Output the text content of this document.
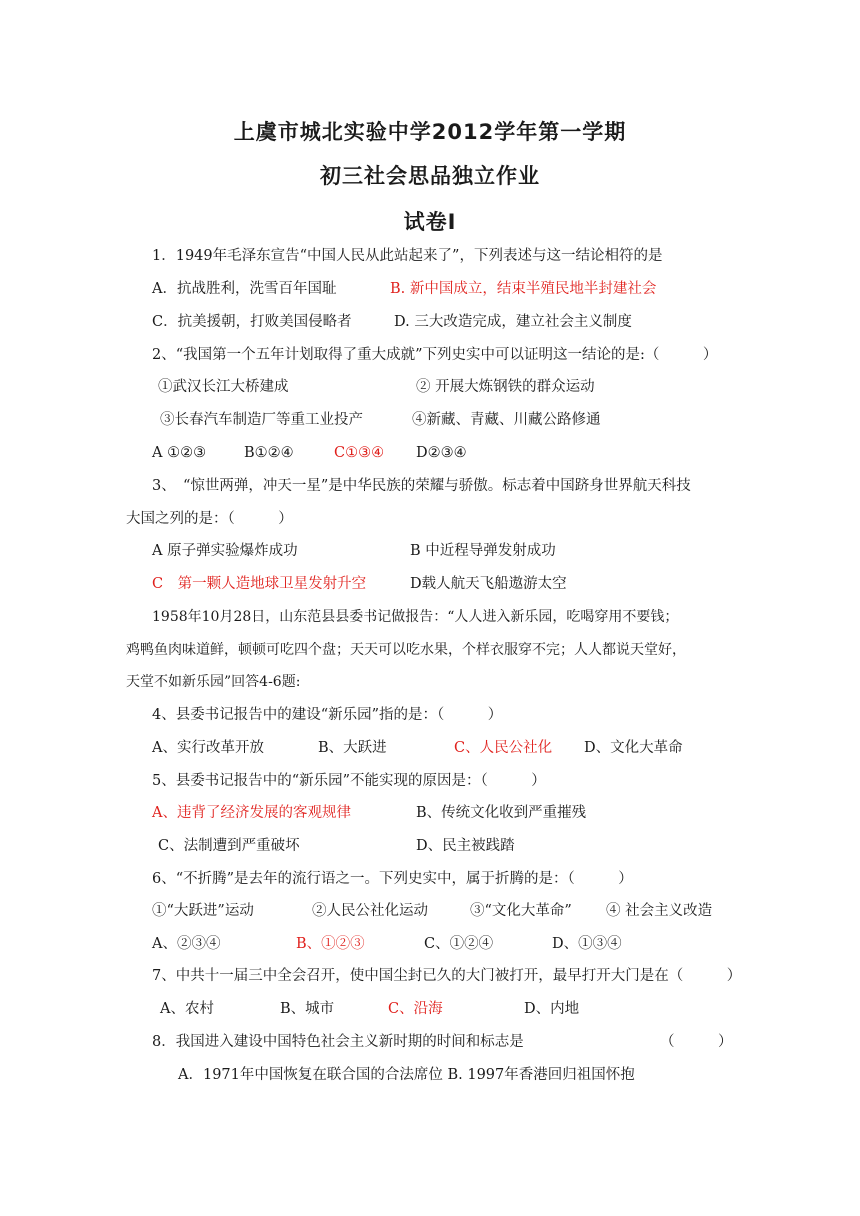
上虞市城北实验中学2012学年第一学期
初三社会思品独立作业
试卷Ⅰ
1．1949年毛泽东宣告“中国人民从此站起来了”，下列表述与这一结论相符的是
A．抗战胜利，洗雪百年国耻	B. 新中国成立，结束半殖民地半封建社会
C．抗美援朝，打败美国侵略者	D. 三大改造完成，建立社会主义制度
2、“我国第一个五年计划取得了重大成就”下列史实中可以证明这一结论的是:（　　　）
①武汉长江大桥建成	② 开展大炼钢铁的群众运动
③长春汽车制造厂等重工业投产	④新藏、青藏、川藏公路修通
A ①②③	B①②④	C①③④ D②③④
3、　“惊世两弹，冲天一星”是中华民族的荣耀与骄傲。标志着中国跻身世界航天科技
大国之列的是：（　　　）
A 原子弹实验爆炸成功	B 中近程导弹发射成功
C　第一颗人造地球卫星发射升空	D载人航天飞船遨游太空
1958年10月28日，山东范县县委书记做报告：“人人进入新乐园，吃喝穿用不要钱；
鸡鸭鱼肉味道鲜，顿顿可吃四个盘；天天可以吃水果，个样衣服穿不完；人人都说天堂好，
天堂不如新乐园”回答4-6题:
4、县委书记报告中的建设“新乐园”指的是：（　　　）
A、实行改革开放	B、大跃进	C、人民公社化 D、文化大革命
5、县委书记报告中的“新乐园”不能实现的原因是：（　　　）
A、违背了经济发展的客观规律	B、传统文化收到严重摧残
C、法制遭到严重破坏	D、民主被践踏
6、“不折腾”是去年的流行语之一。下列史实中，属于折腾的是：（　　　）
①“大跃进”运动	②人民公社化运动	③“文化大革命” ④ 社会主义改造
A、②③④	B、①②③	C、①②④	D、①③④
7、中共十一届三中全会召开，使中国尘封已久的大门被打开，最早打开大门是在（　　　）
A、农村	B、城市	C、沿海	D、内地
8．我国进入建设中国特色社会主义新时期的时间和标志是	（　　　）
A．1971年中国恢复在联合国的合法席位 B. 1997年香港回归祖国怀抱
